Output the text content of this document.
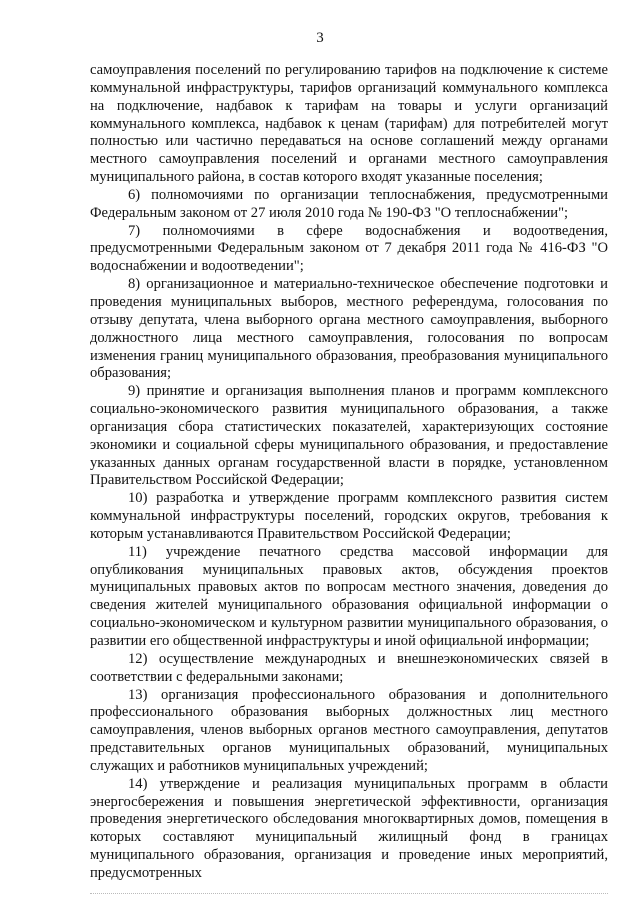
3

самоуправления поселений по регулированию тарифов на подключение к системе коммунальной инфраструктуры, тарифов организаций коммунального комплекса на подключение, надбавок к тарифам на товары и услуги организаций коммунального комплекса, надбавок к ценам (тарифам) для потребителей могут полностью или частично передаваться на основе соглашений между органами местного самоуправления поселений и органами местного самоуправления муниципального района, в состав которого входят указанные поселения;

6) полномочиями по организации теплоснабжения, предусмотренными Федеральным законом от 27 июля 2010 года № 190-ФЗ "О теплоснабжении";

7) полномочиями в сфере водоснабжения и водоотведения, предусмотренными Федеральным законом от 7 декабря 2011 года № 416-ФЗ "О водоснабжении и водоотведении";

8) организационное и материально-техническое обеспечение подготовки и проведения муниципальных выборов, местного референдума, голосования по отзыву депутата, члена выборного органа местного самоуправления, выборного должностного лица местного самоуправления, голосования по вопросам изменения границ муниципального образования, преобразования муниципального образования;

9) принятие и организация выполнения планов и программ комплексного социально-экономического развития муниципального образования, а также организация сбора статистических показателей, характеризующих состояние экономики и социальной сферы муниципального образования, и предоставление указанных данных органам государственной власти в порядке, установленном Правительством Российской Федерации;

10) разработка и утверждение программ комплексного развития систем коммунальной инфраструктуры поселений, городских округов, требования к которым устанавливаются Правительством Российской Федерации;

11) учреждение печатного средства массовой информации для опубликования муниципальных правовых актов, обсуждения проектов муниципальных правовых актов по вопросам местного значения, доведения до сведения жителей муниципального образования официальной информации о социально-экономическом и культурном развитии муниципального образования, о развитии его общественной инфраструктуры и иной официальной информации;

12) осуществление международных и внешнеэкономических связей в соответствии с федеральными законами;

13) организация профессионального образования и дополнительного профессионального образования выборных должностных лиц местного самоуправления, членов выборных органов местного самоуправления, депутатов представительных органов муниципальных образований, муниципальных служащих и работников муниципальных учреждений;

14) утверждение и реализация муниципальных программ в области энергосбережения и повышения энергетической эффективности, организация проведения энергетического обследования многоквартирных домов, помещения в которых составляют муниципальный жилищный фонд в границах муниципального образования, организация и проведение иных мероприятий, предусмотренных
